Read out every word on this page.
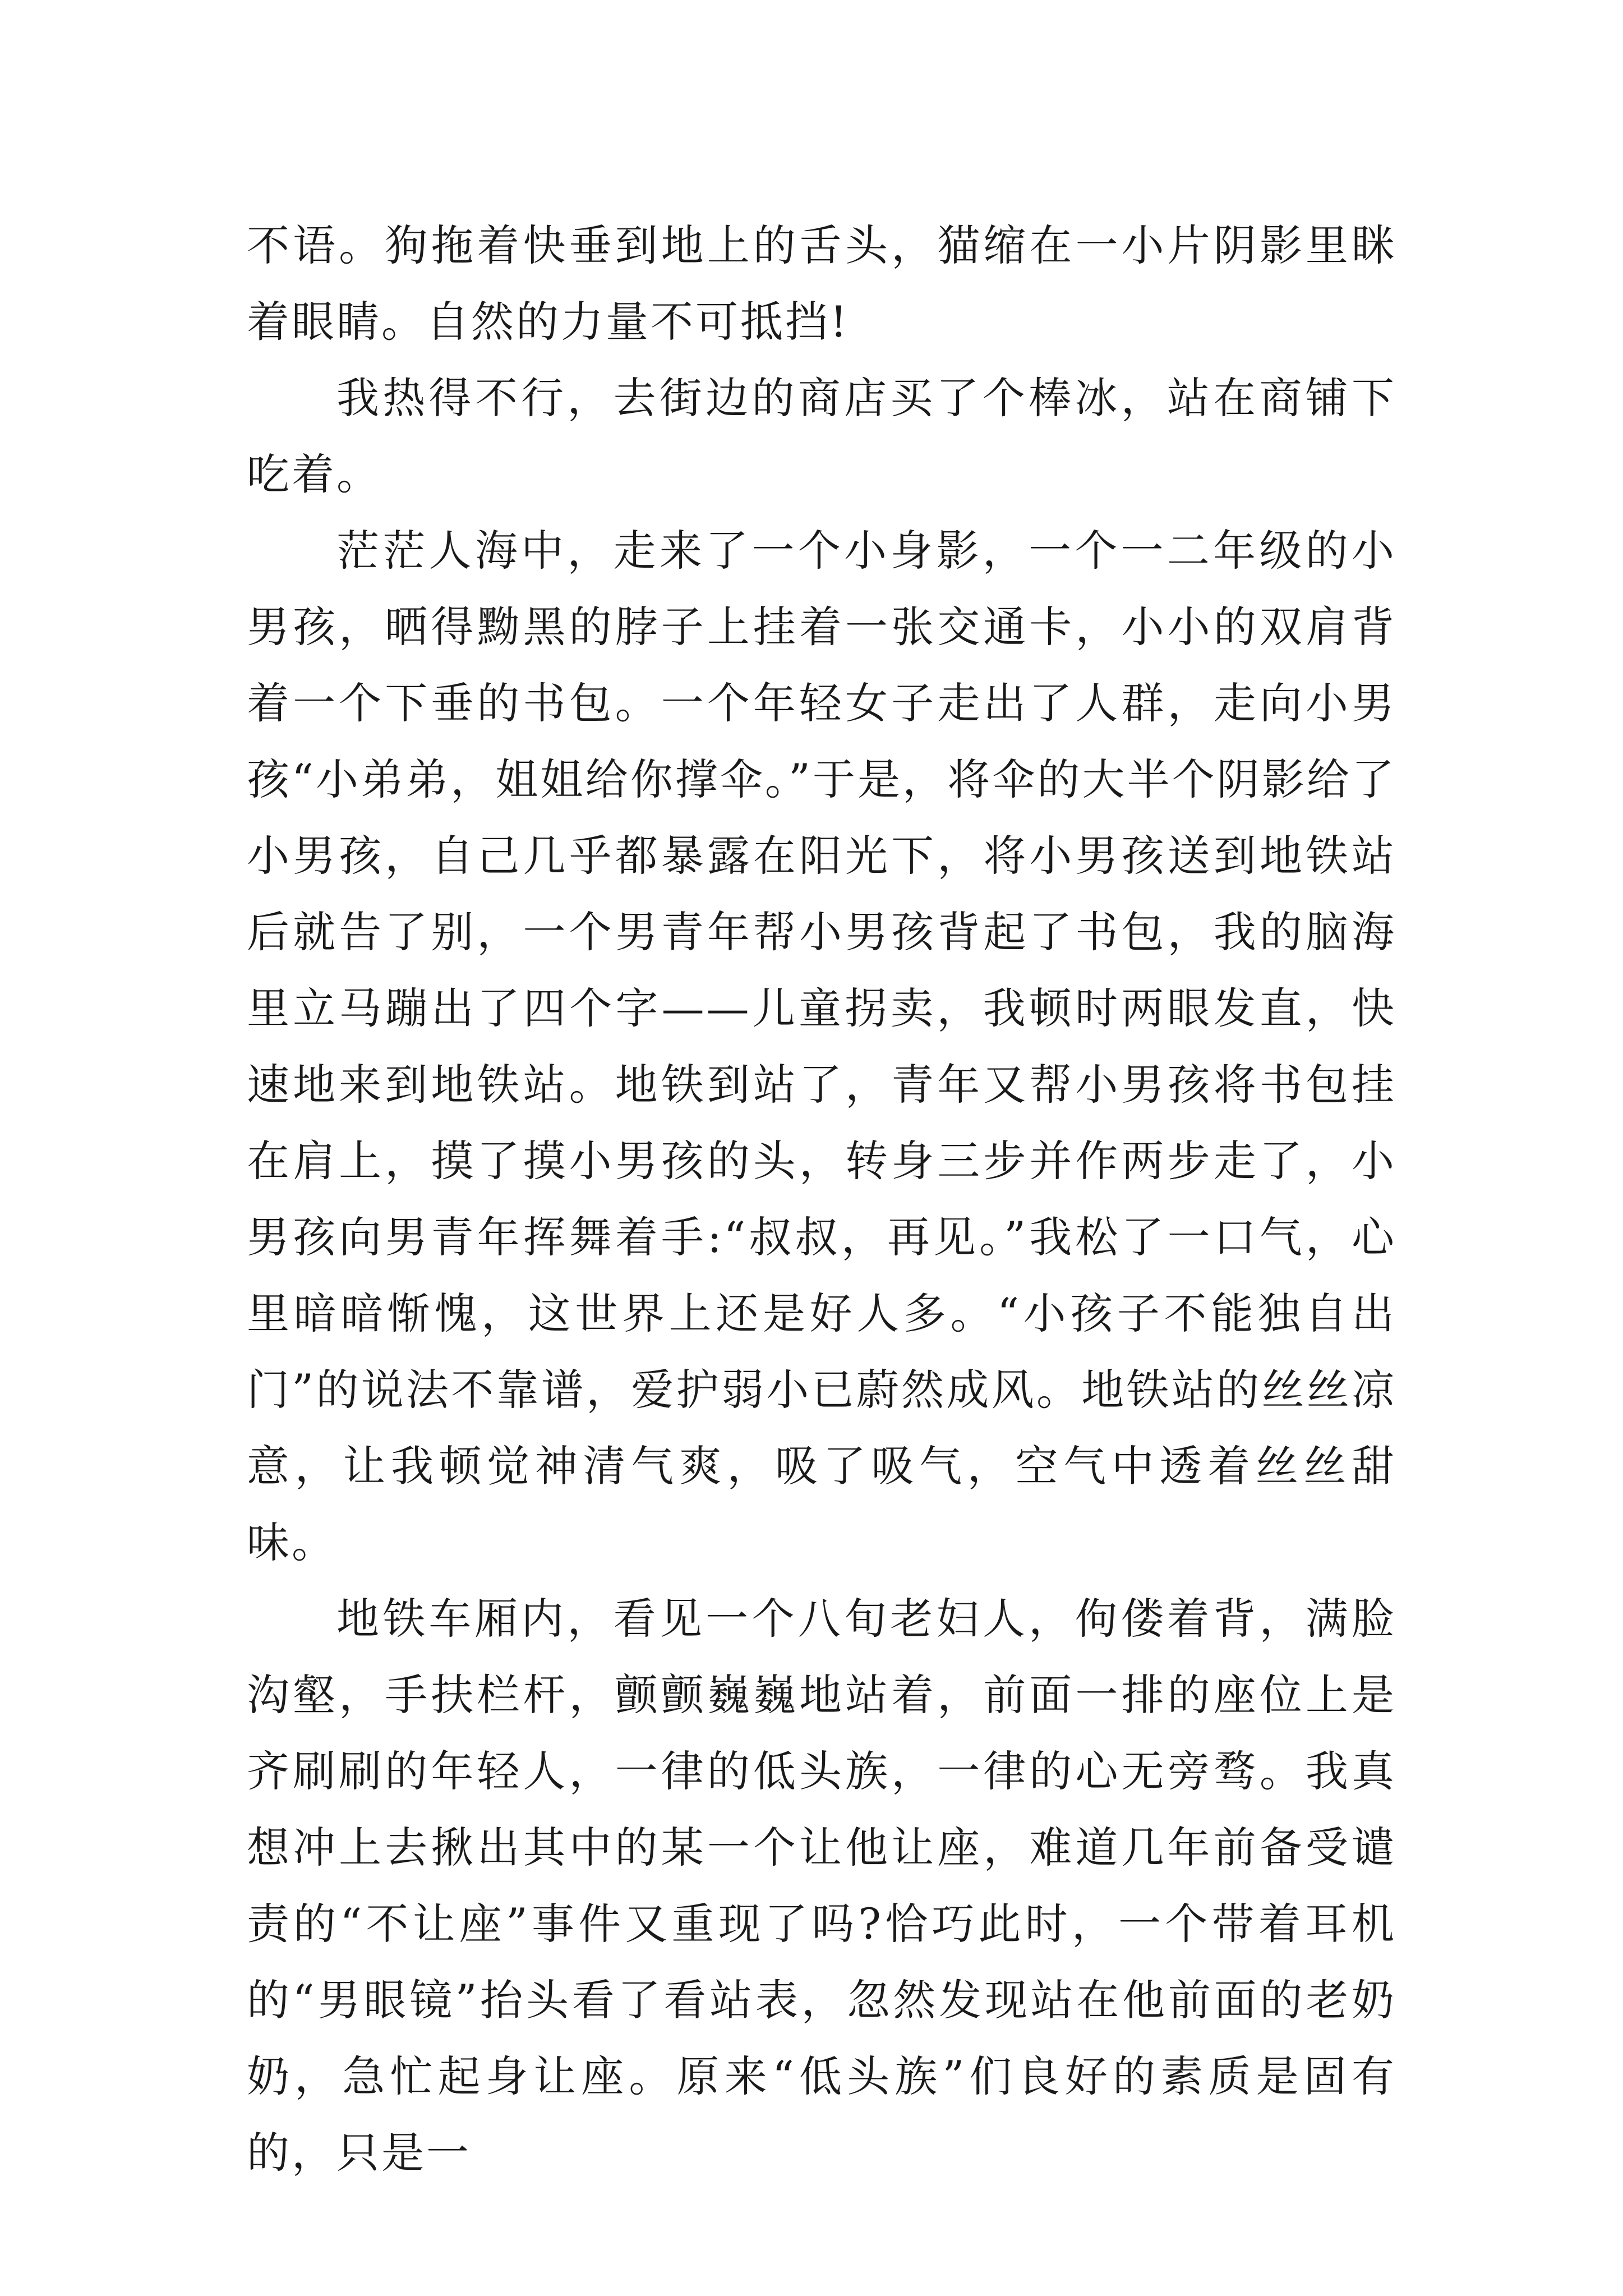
不语。狗拖着快垂到地上的舌头，猫缩在一小片阴影里眯着眼睛。自然的力量不可抵挡!

我热得不行，去街边的商店买了个棒冰，站在商铺下吃着。

茫茫人海中，走来了一个小身影，一个一二年级的小男孩，晒得黝黑的脖子上挂着一张交通卡，小小的双肩背着一个下垂的书包。一个年轻女子走出了人群，走向小男孩“小弟弟，姐姐给你撑伞。”于是，将伞的大半个阴影给了小男孩，自己几乎都暴露在阳光下，将小男孩送到地铁站后就告了别，一个男青年帮小男孩背起了书包，我的脑海里立马蹦出了四个字——儿童拐卖，我顿时两眼发直，快速地来到地铁站。地铁到站了，青年又帮小男孩将书包挂在肩上，摸了摸小男孩的头，转身三步并作两步走了，小男孩向男青年挥舞着手:“叔叔，再见。”我松了一口气，心里暗暗惭愧，这世界上还是好人多。“小孩子不能独自出门”的说法不靠谱，爱护弱小已蔚然成风。地铁站的丝丝凉意，让我顿觉神清气爽，吸了吸气，空气中透着丝丝甜味。

地铁车厢内，看见一个八旬老妇人，佝偻着背，满脸沟壑，手扶栏杆，颤颤巍巍地站着，前面一排的座位上是齐刷刷的年轻人，一律的低头族，一律的心无旁骛。我真想冲上去揪出其中的某一个让他让座，难道几年前备受谴责的“不让座”事件又重现了吗?恰巧此时，一个带着耳机的“男眼镜”抬头看了看站表，忽然发现站在他前面的老奶奶，急忙起身让座。原来“低头族”们良好的素质是固有的，只是一
